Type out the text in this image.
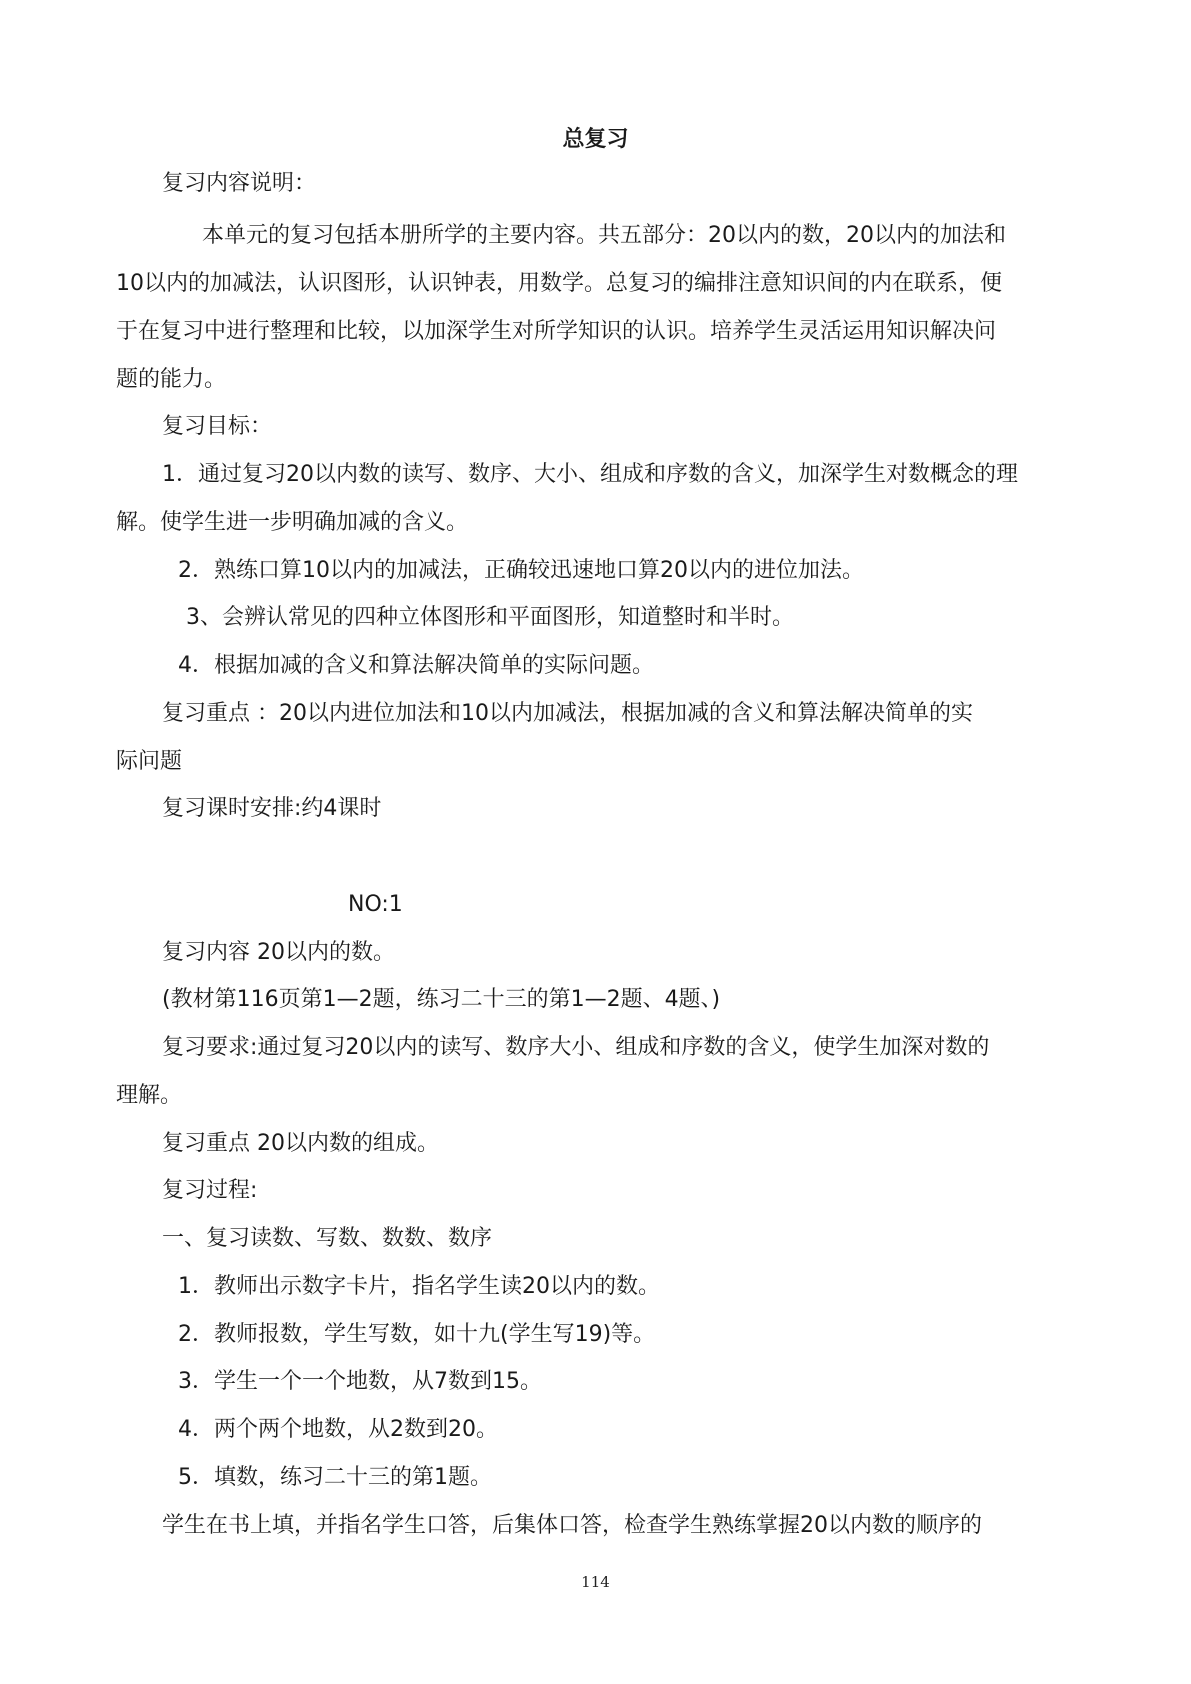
总复习
复习内容说明：
本单元的复习包括本册所学的主要内容。共五部分：20以内的数，20以内的加法和
10以内的加减法，认识图形，认识钟表，用数学。总复习的编排注意知识间的内在联系，便
于在复习中进行整理和比较，以加深学生对所学知识的认识。培养学生灵活运用知识解决问
题的能力。
复习目标：
1．通过复习20以内数的读写、数序、大小、组成和序数的含义，加深学生对数概念的理
解。使学生进一步明确加减的含义。
2．熟练口算10以内的加减法，正确较迅速地口算20以内的进位加法。
3、会辨认常见的四种立体图形和平面图形，知道整时和半时。
4．根据加减的含义和算法解决简单的实际问题。
复习重点 ：20以内进位加法和10以内加减法，根据加减的含义和算法解决简单的实
际问题
复习课时安排:约4课时
NO:1
复习内容 20以内的数。
(教材第116页第1—2题，练习二十三的第1—2题、4题、)
复习要求:通过复习20以内的读写、数序大小、组成和序数的含义，使学生加深对数的
理解。
复习重点 20以内数的组成。
复习过程:
一、复习读数、写数、数数、数序
1．教师出示数字卡片，指名学生读20以内的数。
2．教师报数，学生写数，如十九(学生写19)等。
3．学生一个一个地数，从7数到15。
4．两个两个地数，从2数到20。
5．填数，练习二十三的第1题。
学生在书上填，并指名学生口答，后集体口答，检查学生熟练掌握20以内数的顺序的
114
